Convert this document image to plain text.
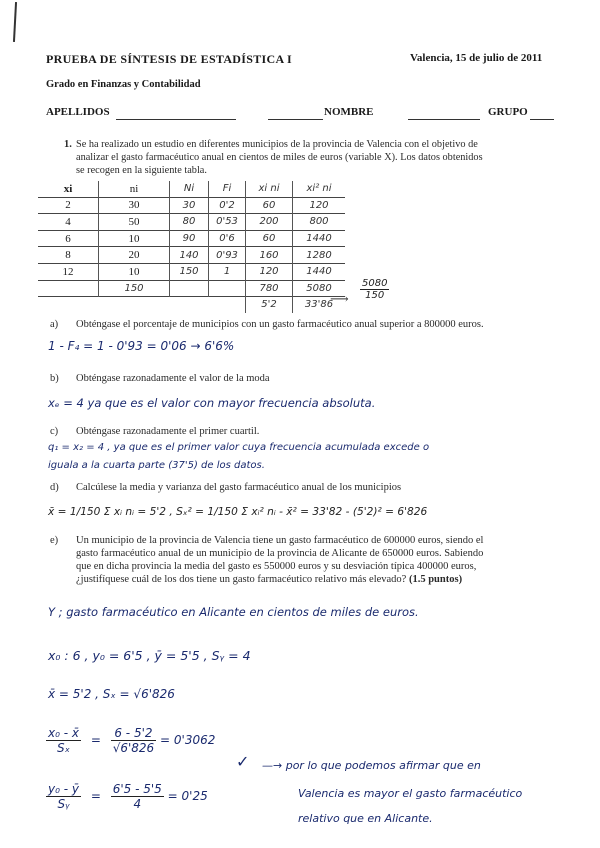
PRUEBA DE SÍNTESIS DE ESTADÍSTICA I	Valencia, 15 de julio de 2011
Grado en Finanzas y Contabilidad
APELLIDOS	NOMBRE	GRUPO
1. Se ha realizado un estudio en diferentes municipios de la provincia de Valencia con el objetivo de
analizar el gasto farmacéutico anual en cientos de miles de euros (variable X). Los datos obtenidos
se recogen en la siguiente tabla.
xi	ni	Ni	Fi	xi ni	xi² ni
2	30	30	0'2	60	120
4	50	80	0'53	200	800
6	10	90	0'6	60	1440
8	20	140	0'93	160	1280
12	10	150	1	120	1440
	150			780	5080
				5'2	33'86
⟶ $\frac{5080}{150}$
a) Obténgase el porcentaje de municipios con un gasto farmacéutico anual superior a 800000 euros.
1 - F₄ = 1 - 0'93 = 0'06 → 6'6%
b) Obténgase razonadamente el valor de la moda
xₑ = 4 ya que es el valor con mayor frecuencia absoluta.
c) Obténgase razonadamente el primer cuartil.
q₁ = x₂ = 4 , ya que es el primer valor cuya frecuencia acumulada excede o
iguala a la cuarta parte (37'5) de los datos.
d) Calcúlese la media y varianza del gasto farmacéutico anual de los municipios
x̄ = 1/150 Σ xᵢ nᵢ = 5'2 , Sₓ² = 1/150 Σ xᵢ² nᵢ - x̄² = 33'82 - (5'2)² = 6'826
e) Un municipio de la provincia de Valencia tiene un gasto farmacéutico de 600000 euros, siendo el
gasto farmacéutico anual de un municipio de la provincia de Alicante de 650000 euros. Sabiendo
que en dicha provincia la media del gasto es 550000 euros y su desviación típica 400000 euros,
¿justifíquese cuál de los dos tiene un gasto farmacéutico relativo más elevado? (1.5 puntos)
Y ; gasto farmacéutico en Alicante en cientos de miles de euros.
x₀ : 6 , y₀ = 6'5 , ȳ = 5'5 , Sᵧ = 4
x̄ = 5'2 , Sₓ = √6'826
$\frac{\text{x₀ - x̄}}{\text{Sₓ}} = \frac{6 - 5'2}{√6'826} = 0'3062$
✓ —→ por lo que podemos afirmar que en
$\frac{\text{y₀ - ȳ}}{\text{Sᵧ}} = \frac{6'5 - 5'5}{4} = 0'25$	Valencia es mayor el gasto farmacéutico
relativo que en Alicante.
